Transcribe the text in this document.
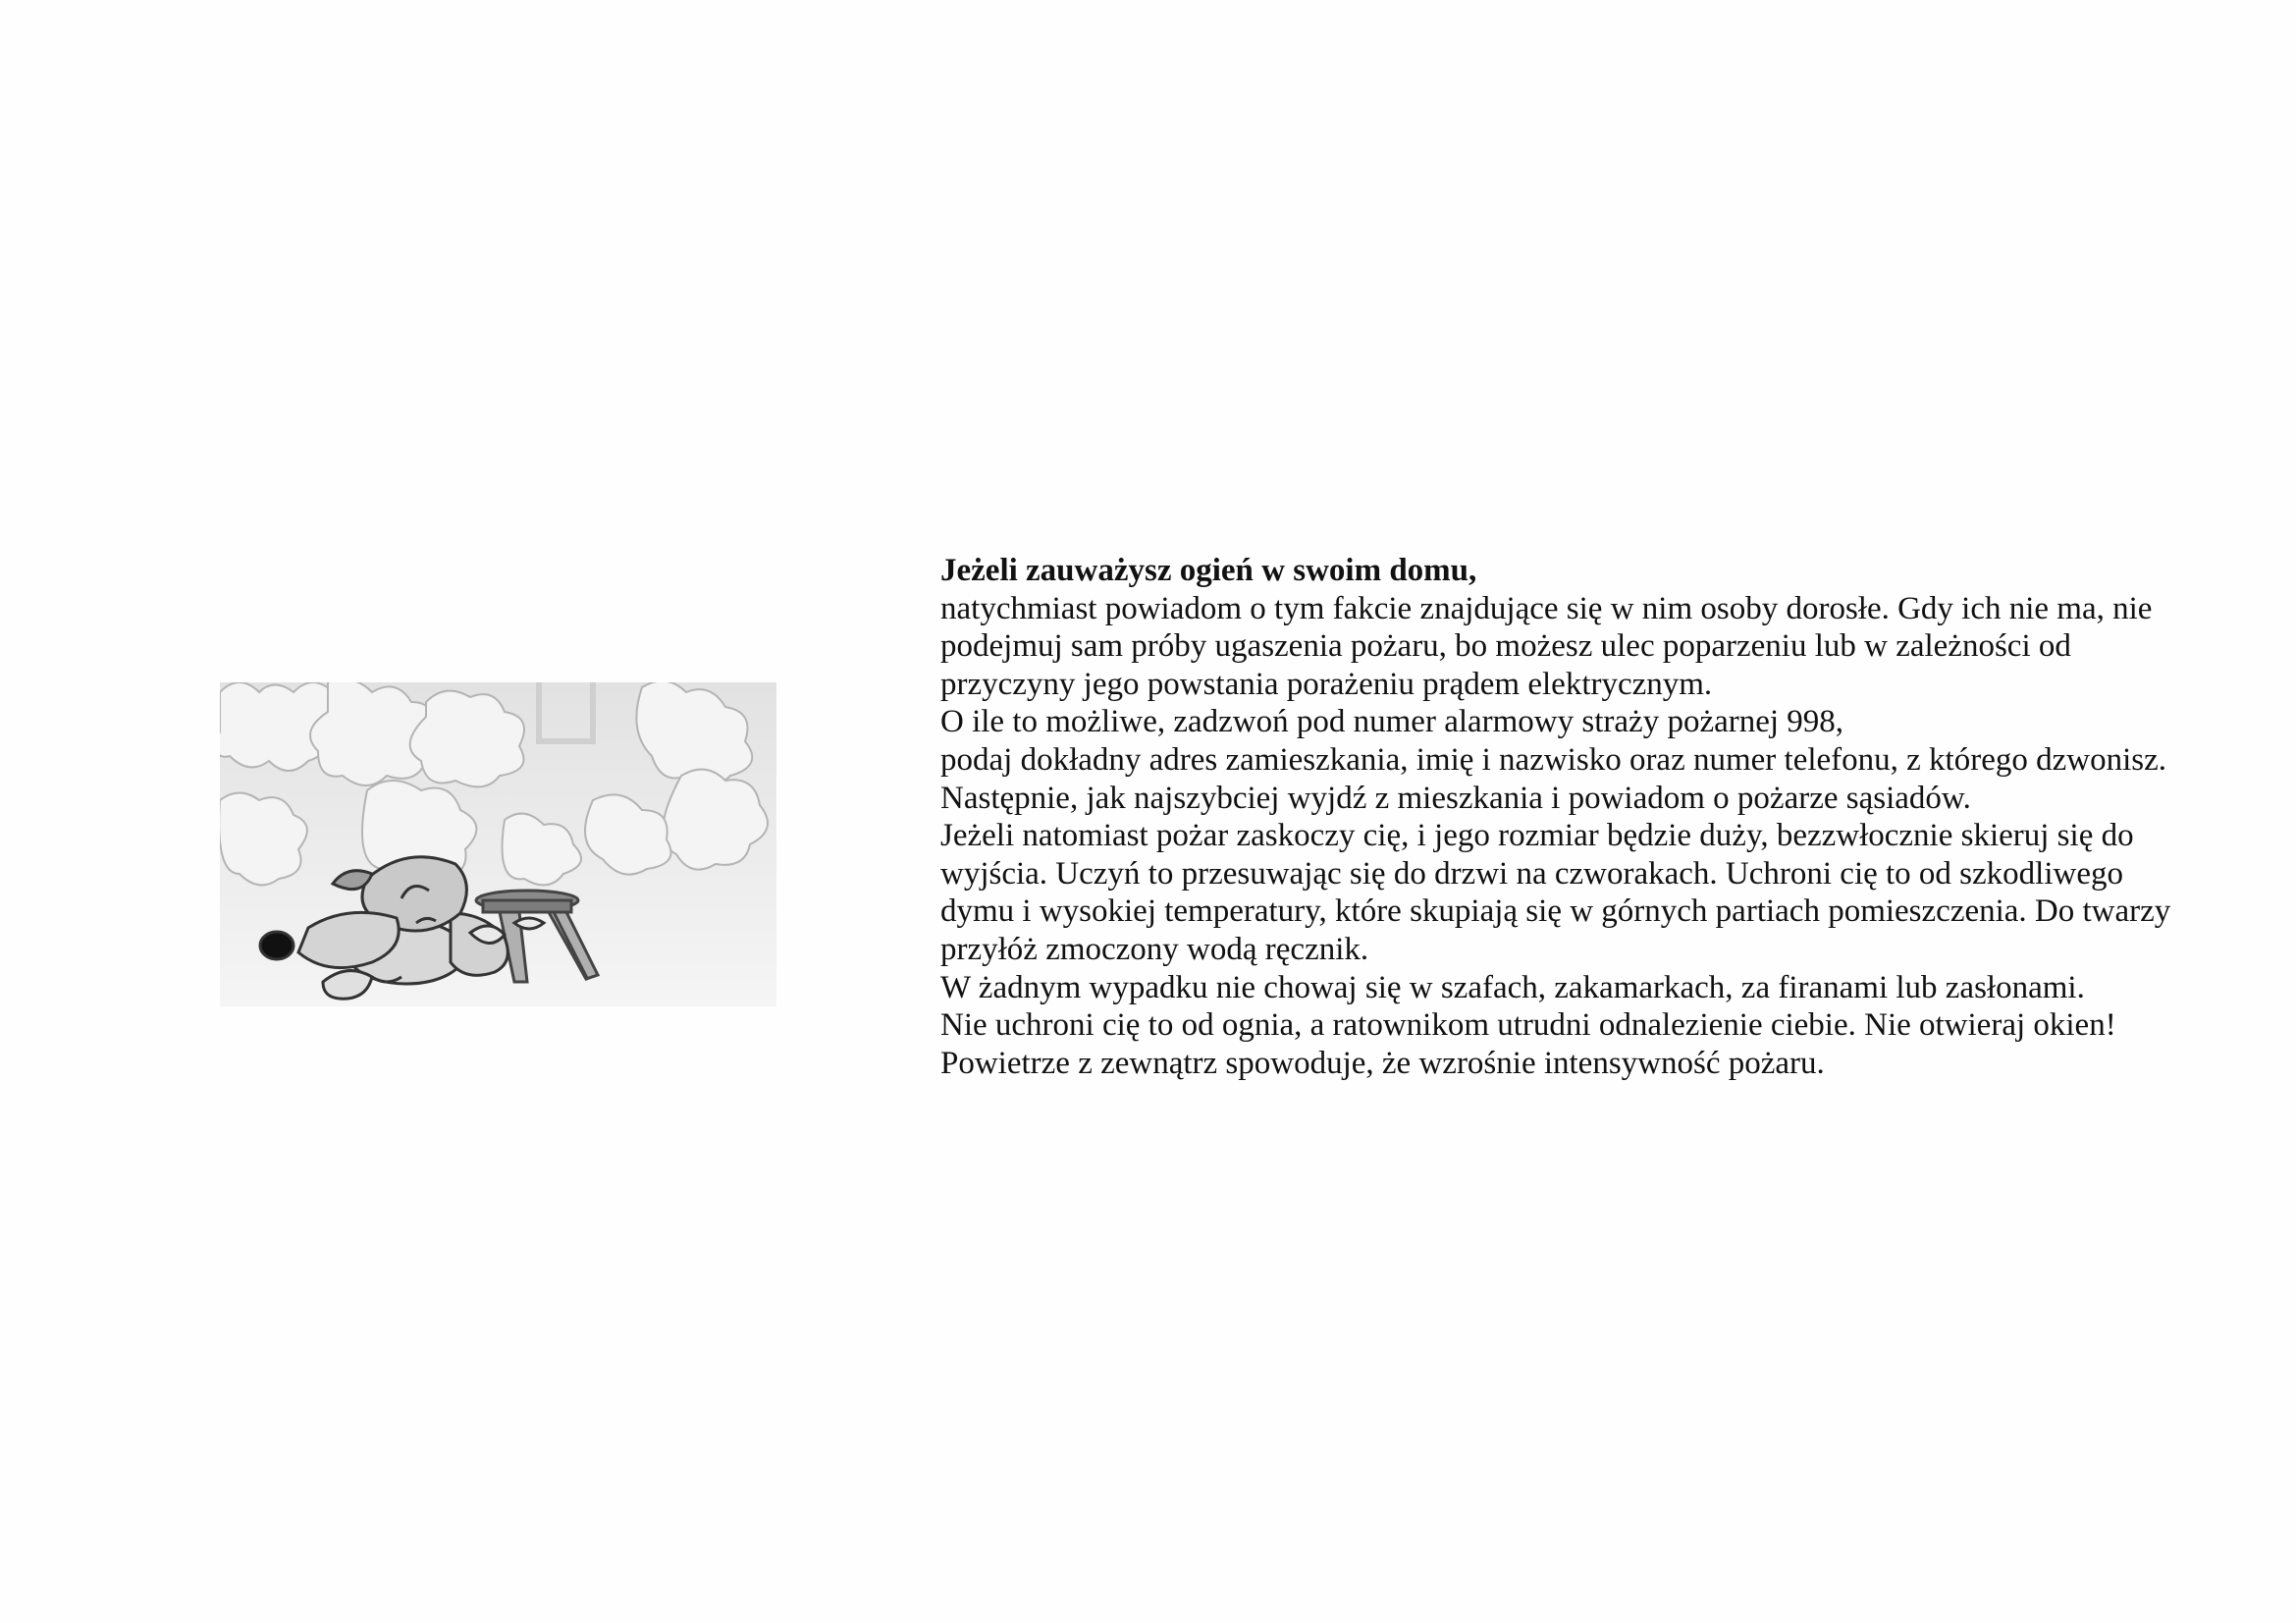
Jeżeli zauważysz ogień w swoim domu,
natychmiast powiadom o tym fakcie znajdujące się w nim osoby dorosłe. Gdy ich nie ma, nie
podejmuj sam próby ugaszenia pożaru, bo możesz ulec poparzeniu lub w zależności od
przyczyny jego powstania porażeniu prądem elektrycznym.
O ile to możliwe, zadzwoń pod numer alarmowy straży pożarnej 998,
podaj dokładny adres zamieszkania, imię i nazwisko oraz numer telefonu, z którego dzwonisz.
Następnie, jak najszybciej wyjdź z mieszkania i powiadom o pożarze sąsiadów.
Jeżeli natomiast pożar zaskoczy cię, i jego rozmiar będzie duży, bezzwłocznie skieruj się do
wyjścia. Uczyń to przesuwając się do drzwi na czworakach. Uchroni cię to od szkodliwego
dymu i wysokiej temperatury, które skupiają się w górnych partiach pomieszczenia. Do twarzy
przyłóż zmoczony wodą ręcznik.
W żadnym wypadku nie chowaj się w szafach, zakamarkach, za firanami lub zasłonami.
Nie uchroni cię to od ognia, a ratownikom utrudni odnalezienie ciebie. Nie otwieraj okien!
Powietrze z zewnątrz spowoduje, że wzrośnie intensywność pożaru.
